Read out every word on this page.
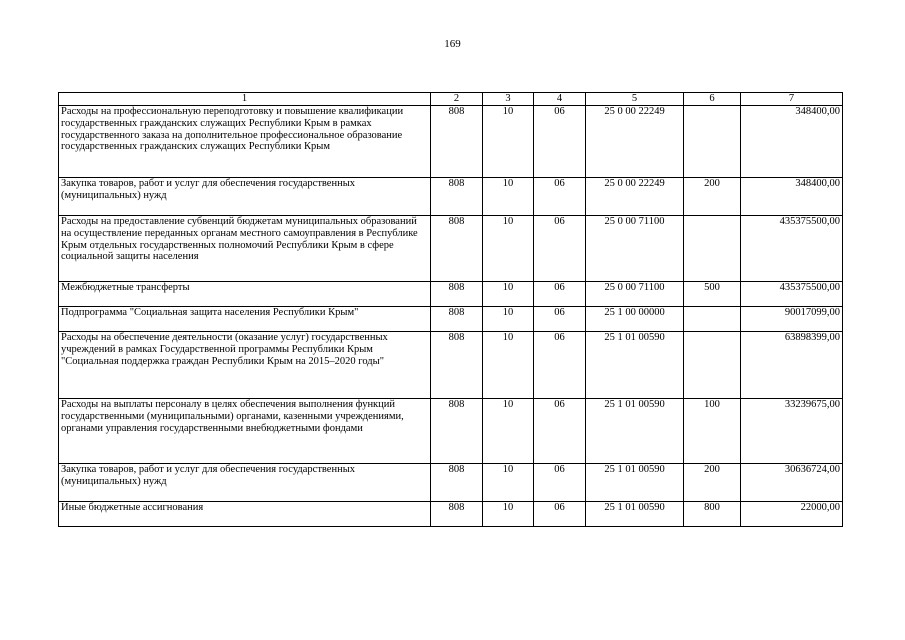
169
1	2	3	4	5	6	7
Расходы на профессиональную переподготовку и повышение квалификации государственных гражданских служащих Республики Крым в рамках государственного заказа на дополнительное профессиональное образование государственных гражданских служащих Республики Крым	808	10	06	25 0 00 22249		348400,00
Закупка товаров, работ и услуг для обеспечения государственных (муниципальных) нужд	808	10	06	25 0 00 22249	200	348400,00
Расходы на предоставление субвенций бюджетам муниципальных образований на осуществление переданных органам местного самоуправления в Республике Крым отдельных государственных полномочий Республики Крым в сфере социальной защиты населения	808	10	06	25 0 00 71100		435375500,00
Межбюджетные трансферты	808	10	06	25 0 00 71100	500	435375500,00
Подпрограмма "Социальная защита населения Республики Крым"	808	10	06	25 1 00 00000		90017099,00
Расходы на обеспечение деятельности (оказание услуг) государственных учреждений в рамках Государственной программы Республики Крым "Социальная поддержка граждан Республики Крым на 2015–2020 годы"	808	10	06	25 1 01 00590		63898399,00
Расходы на выплаты персоналу в целях обеспечения выполнения функций государственными (муниципальными) органами, казенными учреждениями, органами управления государственными внебюджетными фондами	808	10	06	25 1 01 00590	100	33239675,00
Закупка товаров, работ и услуг для обеспечения государственных (муниципальных) нужд	808	10	06	25 1 01 00590	200	30636724,00
Иные бюджетные ассигнования	808	10	06	25 1 01 00590	800	22000,00
